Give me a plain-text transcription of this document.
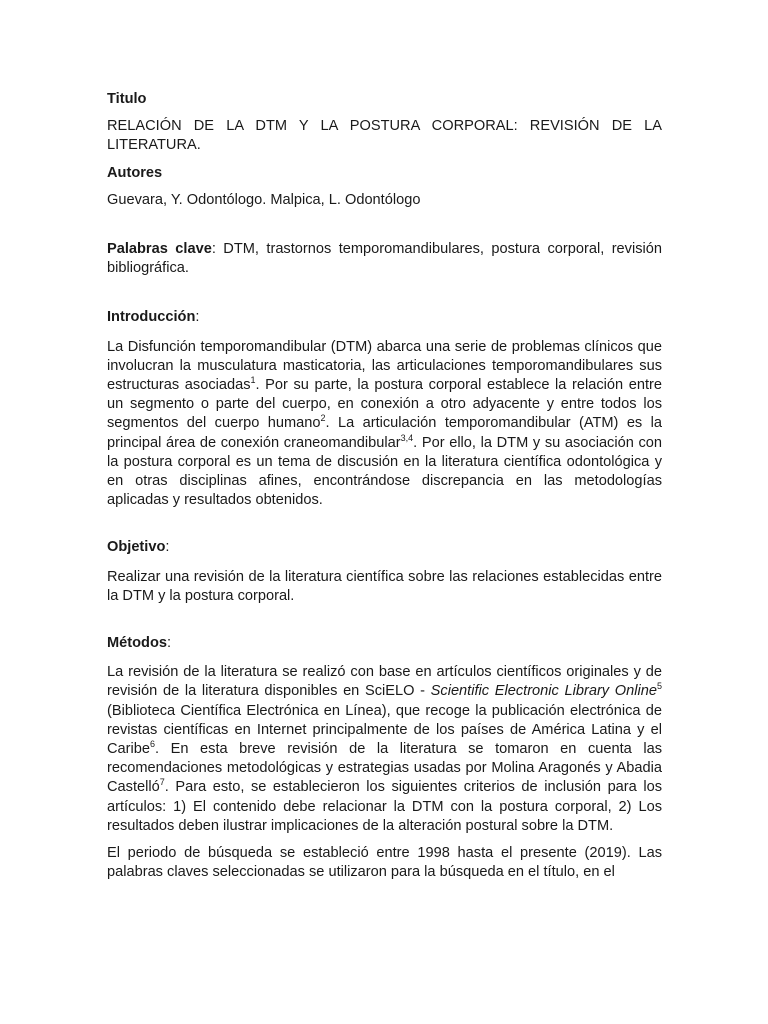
Titulo

RELACIÓN DE LA DTM Y LA POSTURA CORPORAL: REVISIÓN DE LA LITERATURA.

Autores

Guevara, Y. Odontólogo. Malpica, L. Odontólogo

Palabras clave: DTM, trastornos temporomandibulares, postura corporal, revisión bibliográfica.

Introducción:

La Disfunción temporomandibular (DTM) abarca una serie de problemas clínicos que involucran la musculatura masticatoria, las articulaciones temporomandibulares sus estructuras asociadas$^1$. Por su parte, la postura corporal establece la relación entre un segmento o parte del cuerpo, en conexión a otro adyacente y entre todos los segmentos del cuerpo humano$^2$. La articulación temporomandibular (ATM) es la principal área de conexión craneomandibular$^{3,4}$. Por ello, la DTM y su asociación con la postura corporal es un tema de discusión en la literatura científica odontológica y en otras disciplinas afines, encontrándose discrepancia en las metodologías aplicadas y resultados obtenidos.

Objetivo:

Realizar una revisión de la literatura científica sobre las relaciones establecidas entre la DTM y la postura corporal.

Métodos:

La revisión de la literatura se realizó con base en artículos científicos originales y de revisión de la literatura disponibles en SciELO - Scientific Electronic Library Online$^5$ (Biblioteca Científica Electrónica en Línea), que recoge la publicación electrónica de revistas científicas en Internet principalmente de los países de América Latina y el Caribe$^6$. En esta breve revisión de la literatura se tomaron en cuenta las recomendaciones metodológicas y estrategias usadas por Molina Aragonés y Abadia Castelló$^7$. Para esto, se establecieron los siguientes criterios de inclusión para los artículos: 1) El contenido debe relacionar la DTM con la postura corporal, 2) Los resultados deben ilustrar implicaciones de la alteración postural sobre la DTM.

El periodo de búsqueda se estableció entre 1998 hasta el presente (2019). Las palabras claves seleccionadas se utilizaron para la búsqueda en el título, en el
